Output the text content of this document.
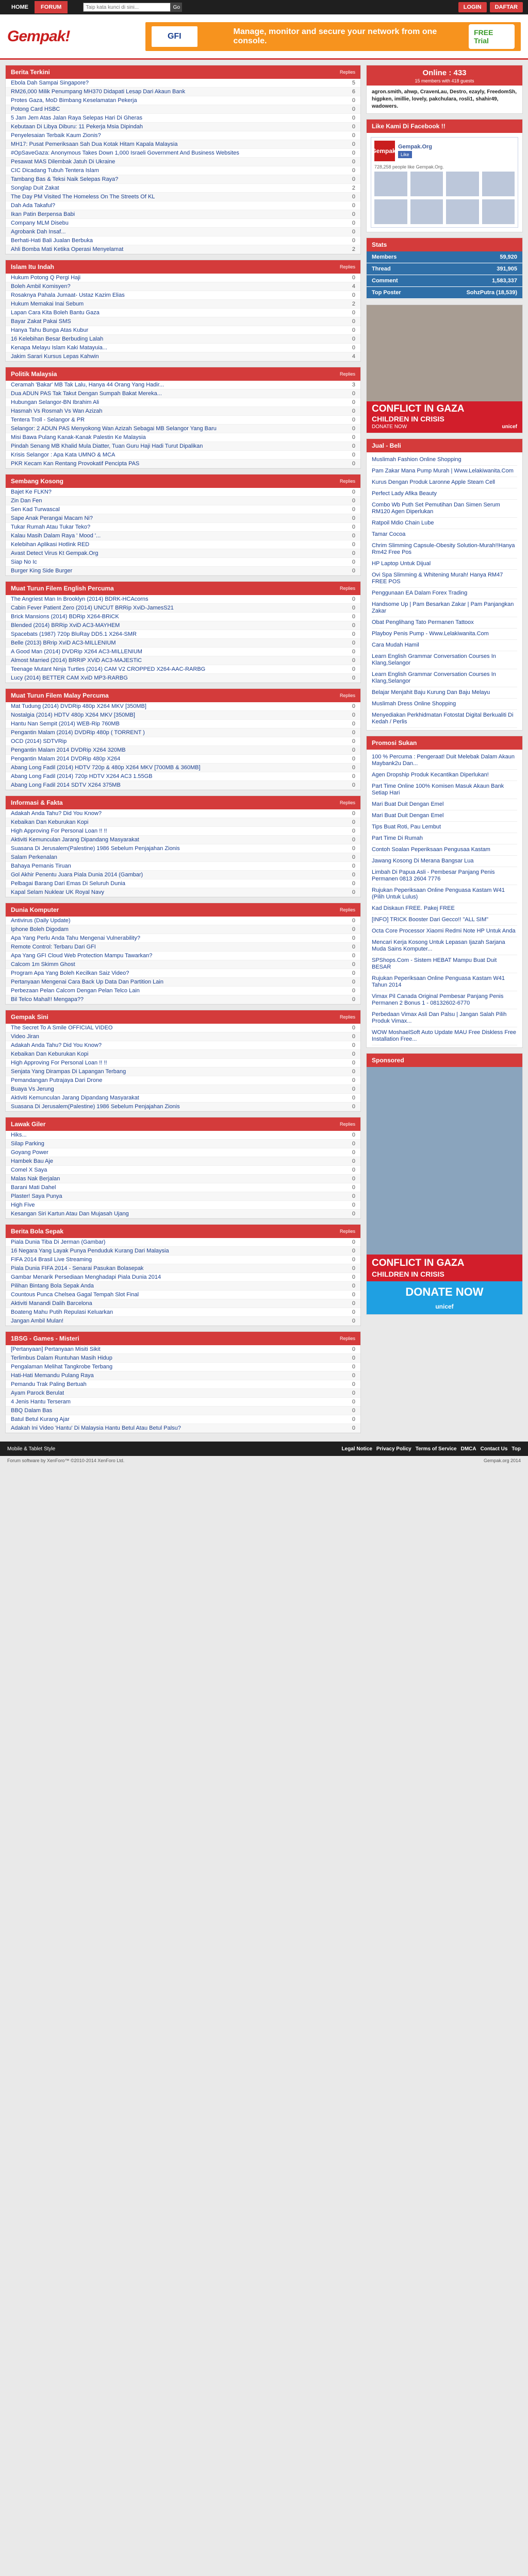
HOME	FORUM
Taip kata kunci di sini...	Go	LOGIN	DAFTAR
Gempak!	GFI
Manage, monitor and secure your network from one console.
FREE Trial
Berita Terkini	Replies
Ebola Dah Sampai Singapore?	5
RM26,000 Milik Penumpang MH370 Didapati Lesap Dari Akaun Bank	6
Protes Gaza, MoD Bimbang Keselamatan Pekerja	0
Potong Card HSBC	0
5 Jam Jem Atas Jalan Raya Selepas Hari Di Gheras	0
Kebutaan Di Libya Diburu: 11 Pekerja Msia Dipindah	0
Penyelesaian Terbaik Kaum Zionis?	0
MH17: Pusat Pemeriksaan Sah Dua Kotak Hitam Kapala Malaysia	0
#OpSaveGaza: Anonymous Takes Down 1,000 Israeli Government And Business Websites	0
Pesawat MAS Dilembak Jatuh Di Ukraine	0
CIC Dicadang Tubuh Tentera Islam	0
Tambang Bas & Teksi Naik Selepas Raya?	0
Songlap Duit Zakat	2
The Day PM Visited The Homeless On The Streets Of KL	0
Dah Ada Takaful?	0
Ikan Patin Berpensa Babi	0
Company MLM Disebu	0
Agrobank Dah Insaf...	0
Berhati-Hati Bali Jualan Berbuka	0
Ahli Bomba Mati Ketika Operasi Menyelamat	2
Islam Itu Indah	Replies
Hukum Potong Q Pergi Haji	0
Boleh Ambil Komisyen?	4
Rosaknya Pahala Jumaat- Ustaz Kazim Elias	0
Hukum Memakai Inai Sebum	2
Lapan Cara Kita Boleh Bantu Gaza	0
Bayar Zakat Pakai SMS	0
Hanya Tahu Bunga Atas Kubur	0
16 Kelebihan Besar Berbuding Lalah	0
Kenapa Melayu Islam Kaki Matayuia...	0
Jakim Sarari Kursus Lepas Kahwin	4
Politik Malaysia	Replies
Ceramah 'Bakar' MB Tak Lalu, Hanya 44 Orang Yang Hadir...	3
Dua ADUN PAS Tak Takut Dengan Sumpah Bakat Mereka...	0
Hubungan Selangor-BN Ibrahim Ali	0
Hasmah Vs Rosmah Vs Wan Azizah	0
Tentera Troll - Selangor & PR	0
Selangor: 2 ADUN PAS Menyokong Wan Azizah Sebagai MB Selangor Yang Baru	0
Misi Bawa Pulang Kanak-Kanak Palestin Ke Malaysia	0
Pindah Senang MB Khalid Mula Diatter, Tuan Guru Haji Hadi Turut Dipalikan	0
Krisis Selangor : Apa Kata UMNO & MCA	0
PKR Kecam Kan Rentang Provokatif Pencipta PAS	0
Sembang Kosong	Replies
Bajet Ke FLKN?	0
Zin Dan Fen	0
Sen Kad Turwascal	0
Sape Anak Perangai Macam Ni?	0
Tukar Rumah Atau Tukar Teko?	0
Kalau Masih Dalam Raya ' Mood '...	0
Kelebihan Aplikasi Hotlink RED	0
Avast Detect Virus Kt Gempak.Org	0
Siap No Ic	0
Burger King Side Burger	0
Muat Turun Filem English Percuma	Replies
The Angriest Man In Brooklyn (2014) BDRK-HCAcorns	0
Cabin Fever Patient Zero (2014) UNCUT BRRip XviD-JamesS21	0
Brick Mansions (2014) BDRip X264-BRiCK	0
Blended (2014) BRRip XviD AC3-MAYHEM	0
Spacebats (1987) 720p BluRay DD5.1 X264-SMR	0
Belle (2013) BRrip XviD AC3-MILLENIUM	0
A Good Man (2014) DVDRip X264 AC3-MILLENIUM	0
Almost Married (2014) BRRIP XViD AC3-MAJESTiC	0
Teenage Mutant Ninja Turtles (2014) CAM V2 CROPPED X264-AAC-RARBG	0
Lucy (2014) BETTER CAM XviD MP3-RARBG	0
Muat Turun Filem Malay Percuma	Replies
Mat Tudung (2014) DVDRip 480p X264 MKV [350MB]	0
Nostalgia (2014) HDTV 480p X264 MKV [350MB]	0
Hantu Nan Sempit (2014) WEB-Rip 760MB	0
Pengantin Malam (2014) DVDRip 480p ( TORRENT )	0
OCD (2014) SDTVRip	0
Pengantin Malam 2014 DVDRip X264 320MB	0
Pengantin Malam 2014 DVDRip 480p X264	0
Abang Long Fadil (2014) HDTV 720p & 480p X264 MKV [700MB & 360MB]	0
Abang Long Fadil (2014) 720p HDTV X264 AC3 1.55GB	0
Abang Long Fadil 2014 SDTV X264 375MB	0
Informasi & Fakta	Replies
Adakah Anda Tahu? Did You Know?	0
Kebaikan Dan Keburukan Kopi	0
High Approving For Personal Loan !! !!	0
Aktiviti Kemunculan Jarang Dipandang Masyarakat	0
Suasana Di Jerusalem(Palestine) 1986 Sebelum Penjajahan Zionis	0
Salam Perkenalan	0
Bahaya Pemanis Tiruan	0
Gol Akhir Penentu Juara Piala Dunia 2014 (Gambar)	0
Pelbagai Barang Dari Emas Di Seluruh Dunia	0
Kapal Selam Nuklear UK Royal Navy	0
Dunia Komputer	Replies
Antivirus (Daily Update)	0
Iphone Boleh Digodam	0
Apa Yang Perlu Anda Tahu Mengenai Vulnerability?	0
Remote Control: Terbaru Dari GFI	0
Apa Yang GFI Cloud Web Protection Mampu Tawarkan?	0
Calcom 1m Skimm Ghost	0
Program Apa Yang Boleh Kecilkan Saiz Video?	0
Pertanyaan Mengenai Cara Back Up Data Dan Partition Lain	0
Perbezaan Pelan Calcom Dengan Pelan Telco Lain	0
Bil Telco Mahal!! Mengapa??	0
Gempak Sini	Replies
The Secret To A Smile OFFICIAL VIDEO	0
Video Jiran	0
Adakah Anda Tahu? Did You Know?	0
Kebaikan Dan Keburukan Kopi	0
High Approving For Personal Loan !! !!	0
Senjata Yang Dirampas Di Lapangan Terbang	0
Pemandangan Putrajaya Dari Drone	0
Buaya Vs Jerung	0
Aktiviti Kemunculan Jarang Dipandang Masyarakat	0
Suasana Di Jerusalem(Palestine) 1986 Sebelum Penjajahan Zionis	0
Lawak Giler	Replies
Hiks...	0
Silap Parking	0
Goyang Power	0
Hambek Bau Aje	0
Comel X Saya	0
Malas Nak Berjalan	0
Barani Mati Dahel	0
Plaster! Saya Punya	0
High Five	0
Kesangan Siri Kartun Atau Dan Mujasah Ujang	0
Berita Bola Sepak	Replies
Piala Dunia Tiba Di Jerman (Gambar)	0
16 Negara Yang Layak Punya Penduduk Kurang Dari Malaysia	0
FIFA 2014 Brasil Live Streaming	0
Piala Dunia FIFA 2014 - Senarai Pasukan Bolasepak	0
Gambar Menarik Persediaan Menghadapi Piala Dunia 2014	0
Pilihan Bintang Bola Sepak Anda	0
Countous Punca Chelsea Gagal Tempah Slot Final	0
Aktiviti Manandi Dalih Barcelona	0
Boateng Mahu Putih Repulasi Keluarkan	0
Jangan Ambil Mulan!	0
1BSG - Games - Misteri	Replies
[Pertanyaan] Pertanyaan Misiti Sikit	0
Terlimbus Dalam Runtuhan Masih Hidup	0
Pengalaman Melihat Tangkrobe Terbang	0
Hati-Hati Memandu Pulang Raya	0
Pemandu Trak Paling Bertuah	0
Ayam Parock Berulat	0
4 Jenis Hantu Terseram	0
BBQ Dalam Bas	0
Batul Betul Kurang Ajar	0
Adakah Ini Video 'Hantu' Di Malaysia Hantu Betul Atau Betul Palsu?	0
Online : 433
15 members with 418 guests
agron.smith, ahwp, CravenLau, Destro, ezayly, FreedomSh, higpken, imillie, lovely, pakchulara, rosli1, shahir49, wadowers.
Like Kami Di Facebook !!
Gempak!
Gempak.Org
Like
728,258 people like Gempak.Org.
Stats
Members	59,920
Thread	391,905
Comment	1,583,337
Top Poster	SohzPutra (18,539)
CONFLICT IN GAZA
CHILDREN IN CRISIS
DONATE NOW	unicef
Jual - Beli
Muslimah Fashion Online Shopping
Pam Zakar Mana Pump Murah | Www.Lelakiwanita.Com
Kurus Dengan Produk Laronne Apple Steam Cell
Perfect Lady Afika Beauty
Combo Wb Puth Set Pemutihan Dan Simen Serum RM120 Agen Diperlukan
Ratpoil Mdio Chain Lube
Tamar Cocoa
Chrim Slimming Capsule-Obesity Solution-Murah!!Hanya Rm42 Free Pos
HP Laptop Untuk Dijual
Ovi Spa Slimming & Whitening Murah! Hanya RM47 FREE POS
Penggunaan EA Dalam Forex Trading
Handsome Up | Pam Besarkan Zakar | Pam Panjangkan Zakar
Obat Penglihang Tato Permanen Tattoox
Playboy Penis Pump - Www.Lelakiwanita.Com
Cara Mudah Hamil
Learn English Grammar Conversation Courses In Klang,Selangor
Learn English Grammar Conversation Courses In Klang,Selangor
Belajar Menjahit Baju Kurung Dan Baju Melayu
Muslimah Dress Online Shopping
Menyediakan Perkhidmatan Fotostat Digital Berkualiti Di Kedah / Perlis
Promosi Sukan
100 % Percuma : Pengeraat! Duit Melebak Dalam Akaun Maybank2u Dan...
Agen Dropship Produk Kecantikan Diperlukan!
Part Time Online 100% Komisen Masuk Akaun Bank Setiap Hari
Mari Buat Duit Dengan Emel
Mari Buat Duit Dengan Emel
Tips Buat Roti, Pau Lembut
Part Time Di Rumah
Contoh Soalan Peperiksaan Pengusaa Kastam
Jawang Kosong Di Merana Bangsar Lua
Limbah Di Papua Asli - Pembesar Panjang Penis Permanen 0813 2604 7776
Rujukan Peperiksaan Online Penguasa Kastam W41 (Pilih Untuk Lulus)
Kad Diskaun FREE. Pakej FREE
[INFO] TRICK Booster Dari Gecco!! "ALL SIM"
Octa Core Processor Xiaomi Redmi Note HP Untuk Anda
Mencari Kerja Kosong Untuk Lepasan Ijazah Sarjana Muda Sains Komputer...
SPShops.Com - Sistem HEBAT Mampu Buat Duit BESAR
Rujukan Peperiksaan Online Penguasa Kastam W41 Tahun 2014
Vimax Pil Canada Original Pembesar Panjang Penis Permanen 2 Bonus 1 - 08132602-6770
Perbedaan Vimax Asli Dan Palsu | Jangan Salah Pilih Produk Vimax...
WOW MoshaelSoft Auto Update MAU Free Diskless Free Installation Free...
Sponsored
CONFLICT IN GAZA
CHILDREN IN CRISIS
DONATE NOW
unicef
Mobile & Tablet Style	Legal Notice Privacy Policy Terms of Service DMCA Contact Us Top
Forum software by XenForo™ ©2010-2014 XenForo Ltd.	Gempak.org 2014
